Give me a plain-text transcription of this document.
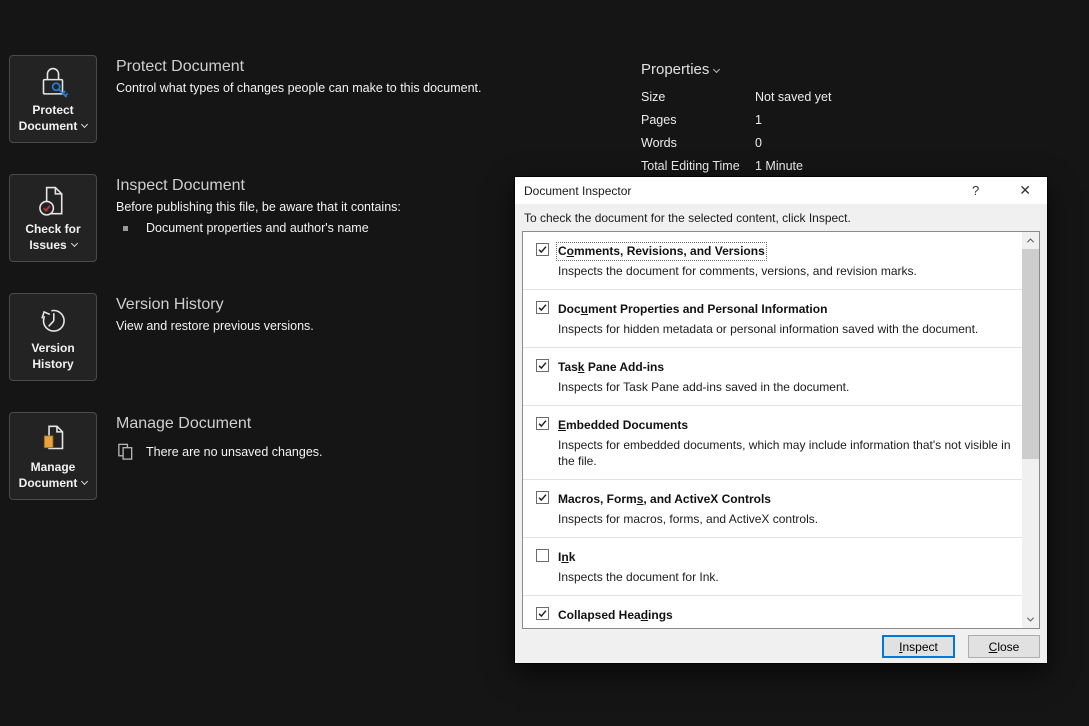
Protect
Document
Protect Document

Control what types of changes people can make to this document.

Check for
Issues
Inspect Document

Before publishing this file, be aware that it contains:

Document properties and author's name
Version
History
Version History

View and restore previous versions.

Manage
Document
Manage Document
There are no unsaved changes.
Properties
Size	Not saved yet
Pages	1
Words	0
Total Editing Time	1 Minute
Document Inspector	?	✕
To check the document for the selected content, click Inspect.
Comments, Revisions, and Versions
Inspects the document for comments, versions, and revision marks.
Document Properties and Personal Information
Inspects for hidden metadata or personal information saved with the document.
Task Pane Add-ins
Inspects for Task Pane add-ins saved in the document.
Embedded Documents
Inspects for embedded documents, which may include information that's not visible in the file.
Macros, Forms, and ActiveX Controls
Inspects for macros, forms, and ActiveX controls.
Ink
Inspects the document for Ink.
Collapsed Headings
Inspect	Close
